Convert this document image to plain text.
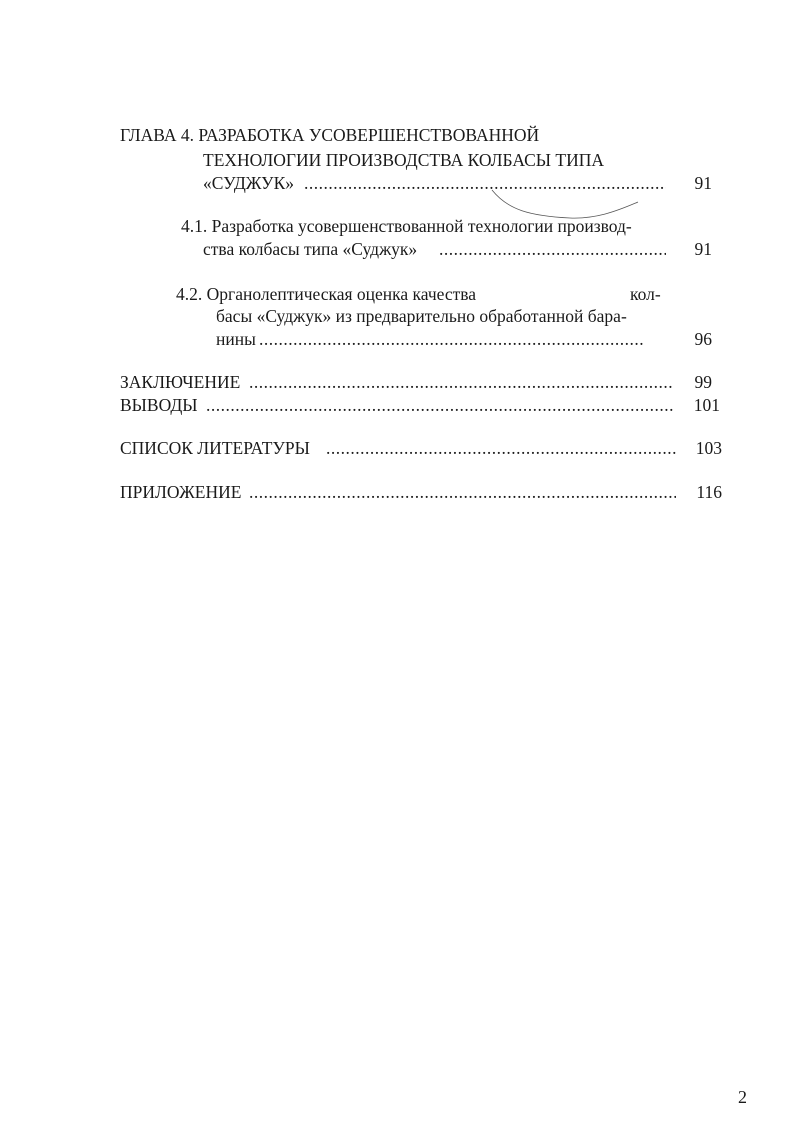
ГЛАВА 4. РАЗРАБОТКА УСОВЕРШЕНСТВОВАННОЙ
ТЕХНОЛОГИИ ПРОИЗВОДСТВА КОЛБАСЫ ТИПА
«СУДЖУК» .....	91
4.1. Разработка усовершенствованной технологии производ-
ства колбасы типа «Суджук» .....	91
4.2. Органолептическая оценка качества	кол-
басы «Суджук» из предварительно обработанной бара-
нины .....	96
ЗАКЛЮЧЕНИЕ .....	99
ВЫВОДЫ .....	101
СПИСОК ЛИТЕРАТУРЫ .....	103
ПРИЛОЖЕНИЕ .....	116
2
